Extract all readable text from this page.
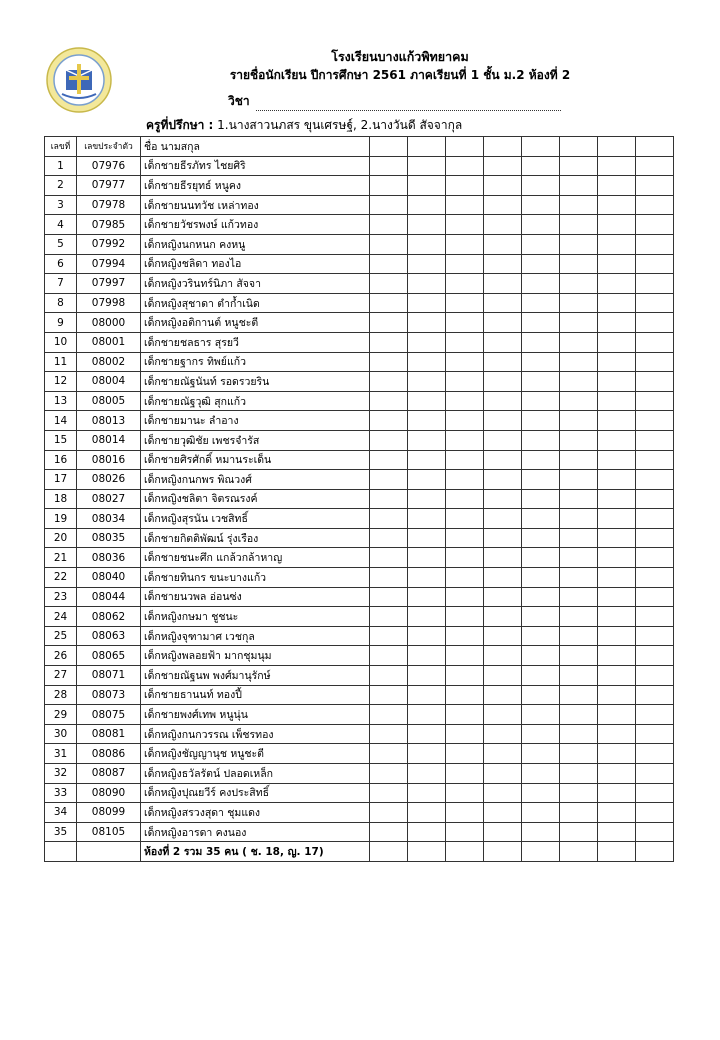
โรงเรียนบางแก้วพิทยาคม
รายชื่อนักเรียน ปีการศึกษา 2561 ภาคเรียนที่ 1 ชั้น ม.2 ห้องที่ 2
วิชา
ครูที่ปรึกษา : 1.นางสาวนภสร ขุนเศรษฐ์, 2.นางวันดี สัจจากุล
เลขที่	เลขประจำตัว	ชื่อ นามสกุล								
1	07976	เด็กชายธีรภัทร ไชยศิริ								
2	07977	เด็กชายธีรยุทธ์ หนูคง								
3	07978	เด็กชายนนทวัช เหล่าทอง								
4	07985	เด็กชายวัชรพงษ์ แก้วทอง								
5	07992	เด็กหญิงนกหนก คงหนู								
6	07994	เด็กหญิงชลิดา ทองไอ								
7	07997	เด็กหญิงวรินทร์นิภา สัจจา								
8	07998	เด็กหญิงสุชาดา ตำก้ำเนิด								
9	08000	เด็กหญิงอติกานต์ หนูชะตี								
10	08001	เด็กชายชลธาร สุรยวี								
11	08002	เด็กชายฐากร ทิพย์แก้ว								
12	08004	เด็กชายณัฐนันท์ รอดรวยริน								
13	08005	เด็กชายณัฐวุฒิ สุกแก้ว								
14	08013	เด็กชายมานะ ลำอาง								
15	08014	เด็กชายวุฒิชัย เพชรจำรัส								
16	08016	เด็กชายศิรศักดิ์ หมานระเด็น								
17	08026	เด็กหญิงกนกพร พิณวงศ์								
18	08027	เด็กหญิงชลิตา จิตรณรงค์								
19	08034	เด็กหญิงสุรนัน เวชสิทธิ์								
20	08035	เด็กชายกิตติพัฒน์ รุ่งเรือง								
21	08036	เด็กชายชนะศึก แกล้วกล้าหาญ								
22	08040	เด็กชายทินกร ขนะบางแก้ว								
23	08044	เด็กชายนวพล อ่อนซ่ง								
24	08062	เด็กหญิงกษมา ชูชนะ								
25	08063	เด็กหญิงจุฑามาศ เวชกุล								
26	08065	เด็กหญิงพลอยฟ้า มากชุมนุม								
27	08071	เด็กชายณัฐนพ พงศ์มานุรักษ์								
28	08073	เด็กชายธานนท์ ทองปี้								
29	08075	เด็กชายพงศ์เทพ หนูนุ่น								
30	08081	เด็กหญิงกนกวรรณ เพ็ชรทอง								
31	08086	เด็กหญิงชัญญานุช หนูชะตี								
32	08087	เด็กหญิงธวัลรัตน์ ปลอดเหล็ก								
33	08090	เด็กหญิงปุณยวีร์ คงประสิทธิ์								
34	08099	เด็กหญิงสรวงสุดา ชุมแดง								
35	08105	เด็กหญิงอารดา คงนอง								
		ห้องที่ 2 รวม 35 คน ( ช. 18, ญ. 17)								
